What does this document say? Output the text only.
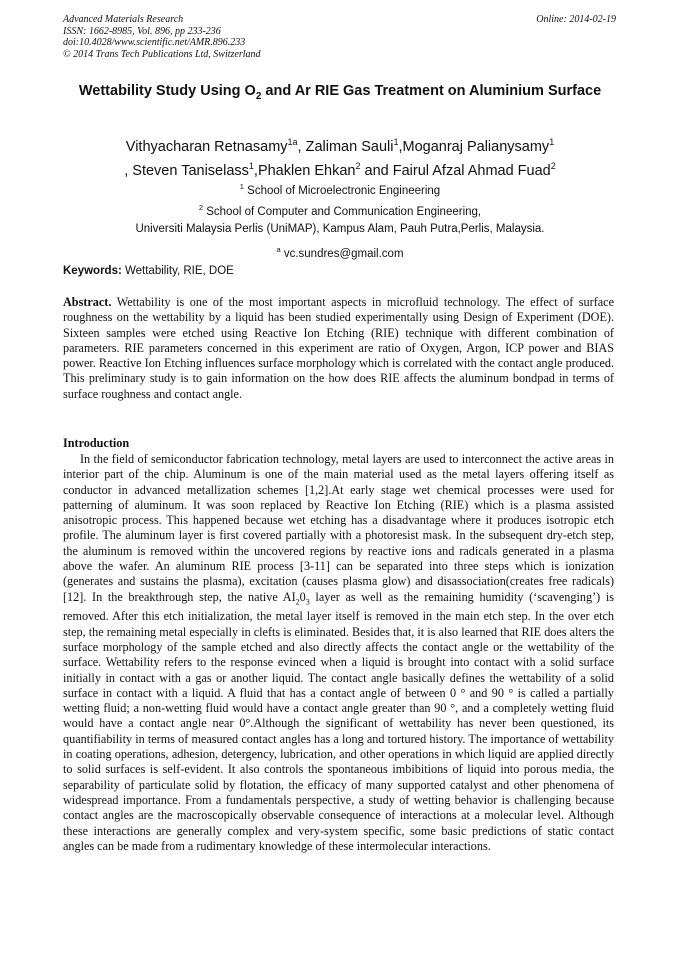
Advanced Materials Research
ISSN: 1662-8985, Vol. 896, pp 233-236
doi:10.4028/www.scientific.net/AMR.896.233
© 2014 Trans Tech Publications Ltd, Switzerland
Online: 2014-02-19
Wettability Study Using $O_2$ and Ar RIE Gas Treatment on Aluminium Surface
Vithyacharan Retnasamy$^{1a}$, Zaliman Sauli$^1$,Moganraj Palianysamy$^1$
, Steven Taniselass$^1$,Phaklen Ehkan$^2$ and Fairul Afzal Ahmad Fuad$^2$
$^1$ School of Microelectronic Engineering
$^2$ School of Computer and Communication Engineering,
Universiti Malaysia Perlis (UniMAP), Kampus Alam, Pauh Putra,Perlis, Malaysia.
$^a$ vc.sundres@gmail.com
Keywords: Wettability, RIE, DOE
Abstract. Wettability is one of the most important aspects in microfluid technology. The effect of surface roughness on the wettability by a liquid has been studied experimentally using Design of Experiment (DOE). Sixteen samples were etched using Reactive Ion Etching (RIE) technique with different combination of parameters. RIE parameters concerned in this experiment are ratio of Oxygen, Argon, ICP power and BIAS power. Reactive Ion Etching influences surface morphology which is correlated with the contact angle produced. This preliminary study is to gain information on the how does RIE affects the aluminum bondpad in terms of surface roughness and contact angle.
Introduction
In the field of semiconductor fabrication technology, metal layers are used to interconnect the active areas in interior part of the chip. Aluminum is one of the main material used as the metal layers offering itself as conductor in advanced metallization schemes [1,2].At early stage wet chemical processes were used for patterning of aluminum. It was soon replaced by Reactive Ion Etching (RIE) which is a plasma assisted anisotropic process. This happened because wet etching has a disadvantage where it produces isotropic etch profile. The aluminum layer is first covered partially with a photoresist mask. In the subsequent dry-etch step, the aluminum is removed within the uncovered regions by reactive ions and radicals generated in a plasma above the wafer. An aluminum RIE process [3-11] can be separated into three steps which is ionization (generates and sustains the plasma), excitation (causes plasma glow) and disassociation(creates free radicals)[12]. In the breakthrough step, the native $AI_20_3$ layer as well as the remaining humidity (‘scavenging’) is removed. After this etch initialization, the metal layer itself is removed in the main etch step. In the over etch step, the remaining metal especially in clefts is eliminated. Besides that, it is also learned that RIE does alters the surface morphology of the sample etched and also directly affects the contact angle or the wettability of the surface. Wettability refers to the response evinced when a liquid is brought into contact with a solid surface initially in contact with a gas or another liquid. The contact angle basically defines the wettability of a solid surface in contact with a liquid. A fluid that has a contact angle of between 0 ° and 90 ° is called a partially wetting fluid; a non-wetting fluid would have a contact angle greater than 90 °, and a completely wetting fluid would have a contact angle near 0°.Although the significant of wettability has never been questioned, its quantifiability in terms of measured contact angles has a long and tortured history. The importance of wettability in coating operations, adhesion, detergency, lubrication, and other operations in which liquid are applied directly to solid surfaces is self-evident. It also controls the spontaneous imbibitions of liquid into porous media, the separability of particulate solid by flotation, the efficacy of many supported catalyst and other phenomena of widespread importance. From a fundamentals perspective, a study of wetting behavior is challenging because contact angles are the macroscopically observable consequence of interactions at a molecular level. Although these interactions are generally complex and very-system specific, some basic predictions of static contact angles can be made from a rudimentary knowledge of these intermolecular interactions.
